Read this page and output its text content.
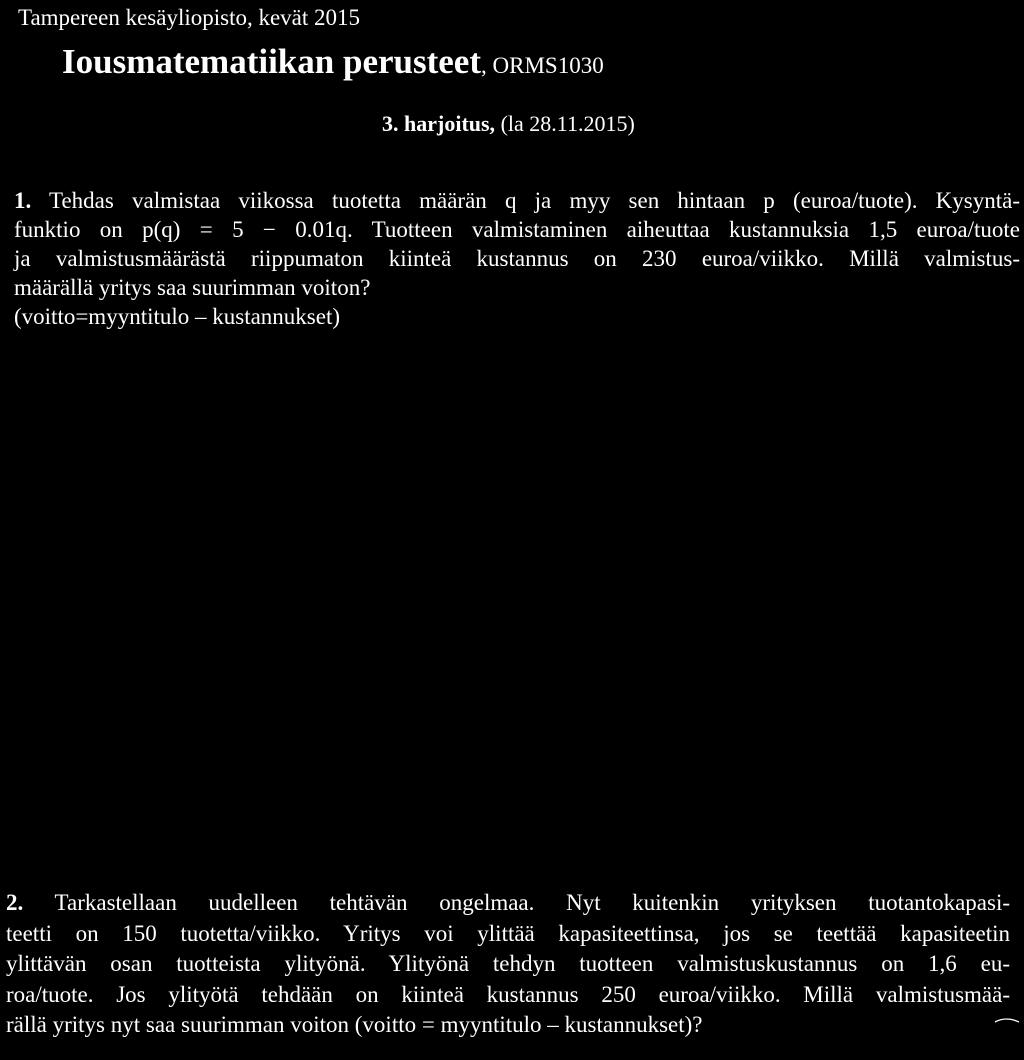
Tampereen kesäyliopisto, kevät 2015
Iousmatematiikan perusteet, ORMS1030
3. harjoitus, (la 28.11.2015)
1. Tehdas valmistaa viikossa tuotetta määrän q ja myy sen hintaan p (euroa/tuote). Kysyntä-
funktio on p(q) = 5 − 0.01q. Tuotteen valmistaminen aiheuttaa kustannuksia 1,5 euroa/tuote
ja valmistusmäärästä riippumaton kiinteä kustannus on 230 euroa/viikko. Millä valmistus-
määrällä yritys saa suurimman voiton?
(voitto=myyntitulo – kustannukset)
2. Tarkastellaan uudelleen tehtävän ongelmaa. Nyt kuitenkin yrityksen tuotantokapasi-
teetti on 150 tuotetta/viikko. Yritys voi ylittää kapasiteettinsa, jos se teettää kapasiteetin
ylittävän osan tuotteista ylityönä. Ylityönä tehdyn tuotteen valmistuskustannus on 1,6 eu-
roa/tuote. Jos ylityötä tehdään on kiinteä kustannus 250 euroa/viikko. Millä valmistusmää-
rällä yritys nyt saa suurimman voiton (voitto = myyntitulo – kustannukset)?
